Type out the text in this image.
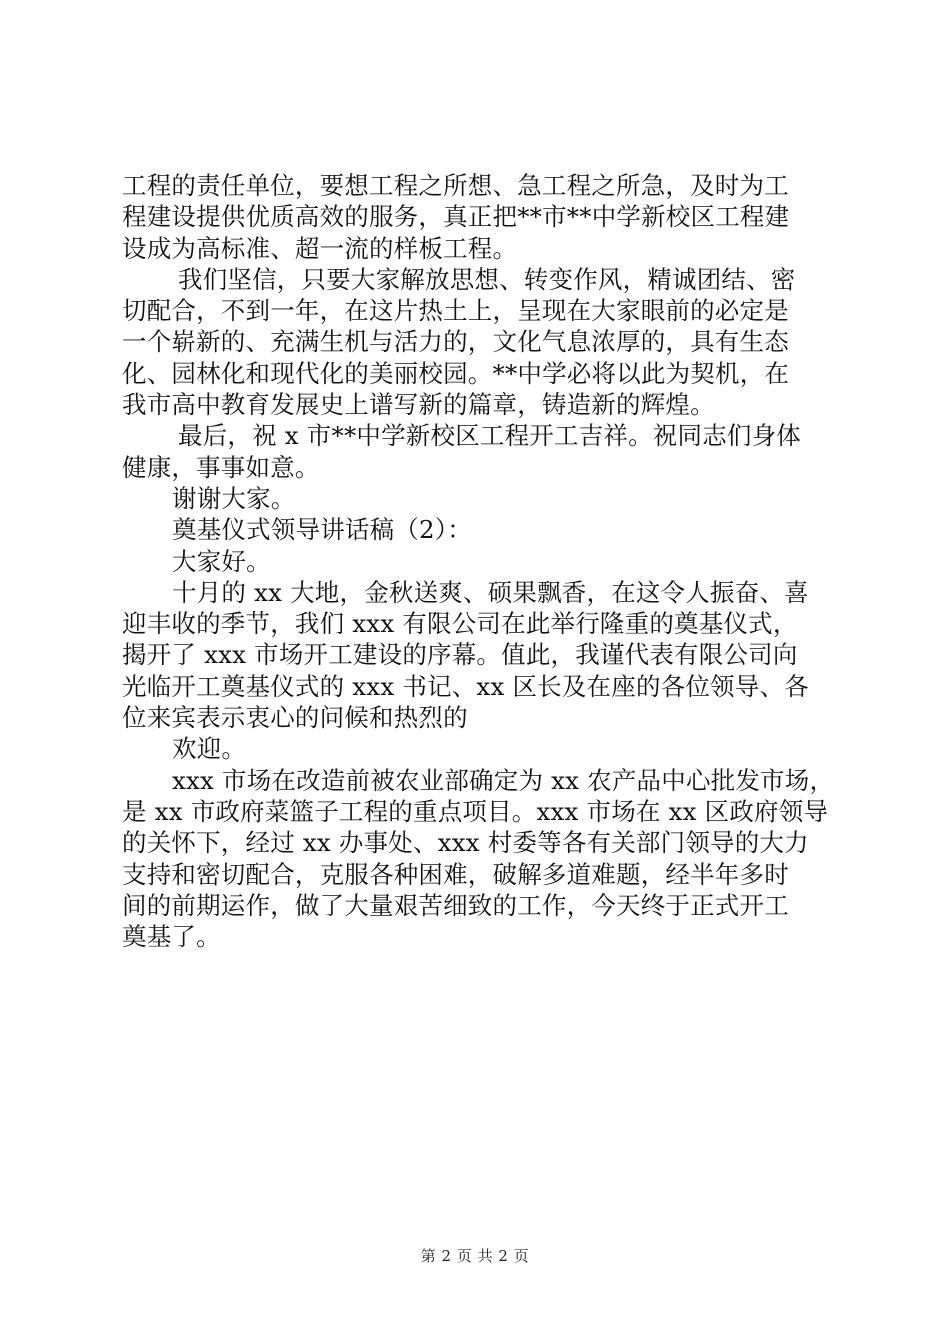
工程的责任单位，要想工程之所想、急工程之所急，及时为工
程建设提供优质高效的服务，真正把**市**中学新校区工程建
设成为高标准、超一流的样板工程。
我们坚信，只要大家解放思想、转变作风，精诚团结、密
切配合，不到一年，在这片热土上，呈现在大家眼前的必定是
一个崭新的、充满生机与活力的，文化气息浓厚的，具有生态
化、园林化和现代化的美丽校园。**中学必将以此为契机，在
我市高中教育发展史上谱写新的篇章，铸造新的辉煌。
最后，祝 x 市**中学新校区工程开工吉祥。祝同志们身体
健康，事事如意。
谢谢大家。
奠基仪式领导讲话稿（2）：
大家好。
十月的 xx 大地，金秋送爽、硕果飘香，在这令人振奋、喜
迎丰收的季节，我们 xxx 有限公司在此举行隆重的奠基仪式，
揭开了 xxx 市场开工建设的序幕。值此，我谨代表有限公司向
光临开工奠基仪式的 xxx 书记、xx 区长及在座的各位领导、各
位来宾表示衷心的问候和热烈的
欢迎。
xxx 市场在改造前被农业部确定为 xx 农产品中心批发市场，
是 xx 市政府菜篮子工程的重点项目。xxx 市场在 xx 区政府领导
的关怀下，经过 xx 办事处、xxx 村委等各有关部门领导的大力
支持和密切配合，克服各种困难，破解多道难题，经半年多时
间的前期运作，做了大量艰苦细致的工作，今天终于正式开工
奠基了。
第 2 页 共 2 页
